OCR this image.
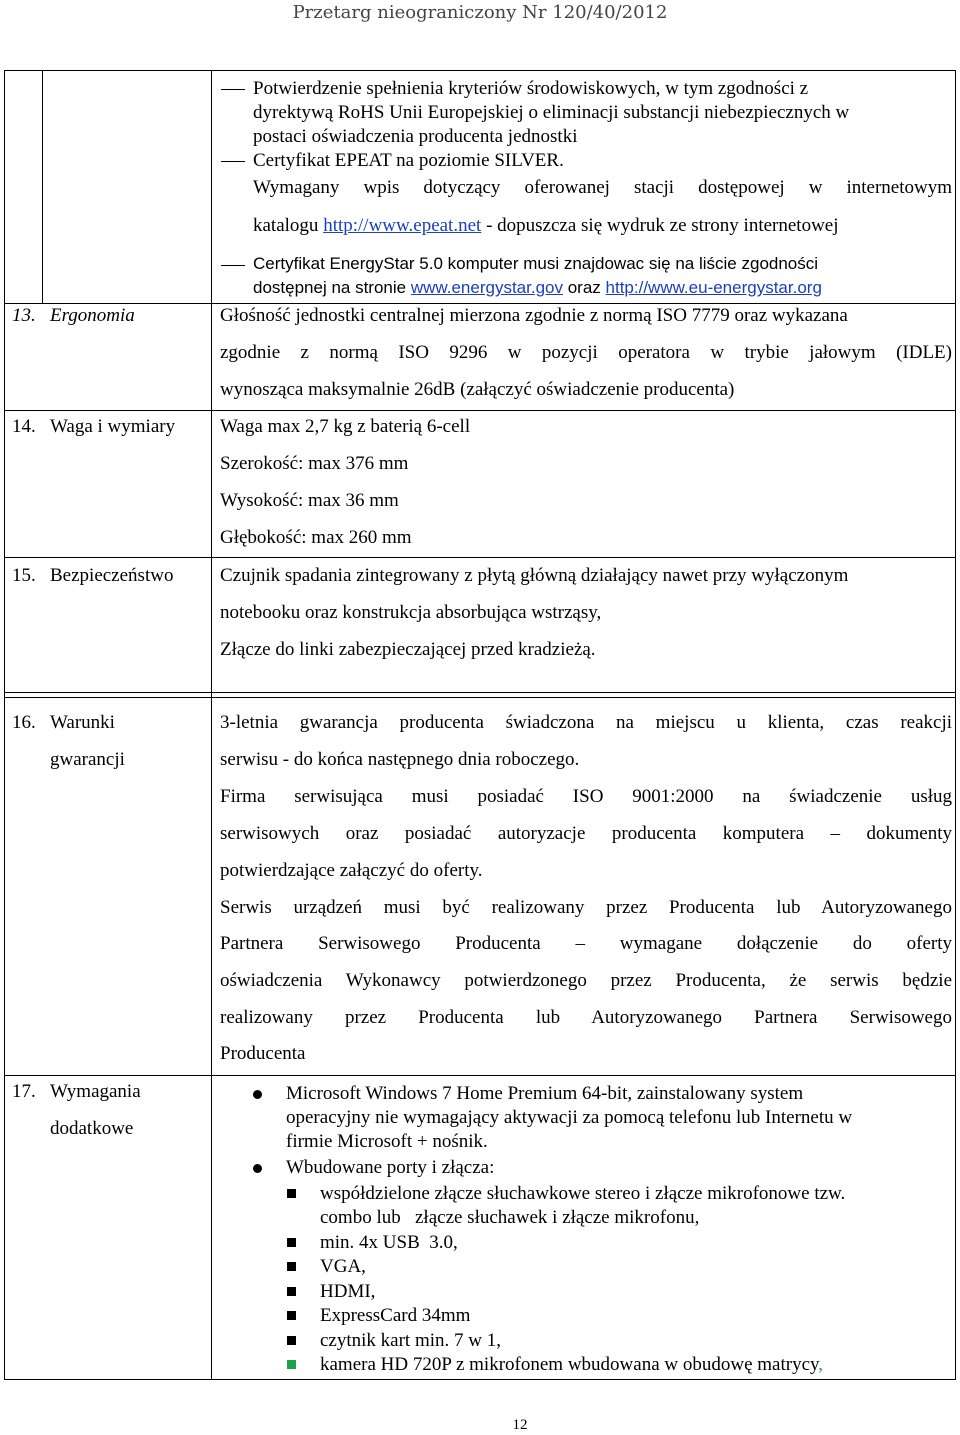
Przetarg nieograniczony Nr 120/40/2012
12
Potwierdzenie spełnienia kryteriów środowiskowych, w tym zgodności z
dyrektywą RoHS Unii Europejskiej o eliminacji substancji niebezpiecznych w
postaci oświadczenia producenta jednostki
Certyfikat EPEAT na poziomie SILVER.
Wymagany wpis dotyczący oferowanej stacji dostępowej w internetowym
katalogu http://www.epeat.net - dopuszcza się wydruk ze strony internetowej
Certyfikat EnergyStar 5.0 komputer musi znajdowac się na liście zgodności
dostępnej na stronie www.energystar.gov oraz http://www.eu-energystar.org
13. Ergonomia	Głośność jednostki centralnej mierzona zgodnie z normą ISO 7779 oraz wykazana
zgodnie z normą ISO 9296 w pozycji operatora w trybie jałowym (IDLE)
wynosząca maksymalnie 26dB (załączyć oświadczenie producenta)
14. Waga i wymiary Waga max 2,7 kg z baterią 6-cell
Szerokość: max 376 mm
Wysokość: max 36 mm
Głębokość: max 260 mm
15. Bezpieczeństwo Czujnik spadania zintegrowany z płytą główną działający nawet przy wyłączonym
notebooku oraz konstrukcja absorbująca wstrząsy,
Złącze do linki zabezpieczającej przed kradzieżą.
16. Warunki
gwarancji
3-letnia gwarancja producenta świadczona na miejscu u klienta, czas reakcji
serwisu - do końca następnego dnia roboczego.
Firma serwisująca musi posiadać ISO 9001:2000 na świadczenie usług
serwisowych oraz posiadać autoryzacje producenta komputera – dokumenty
potwierdzające załączyć do oferty.
Serwis urządzeń musi być realizowany przez Producenta lub Autoryzowanego
Partnera Serwisowego Producenta – wymagane dołączenie do oferty
oświadczenia Wykonawcy potwierdzonego przez Producenta, że serwis będzie
realizowany przez Producenta lub Autoryzowanego Partnera Serwisowego
Producenta
17. Wymagania
dodatkowe
Microsoft Windows 7 Home Premium 64-bit, zainstalowany system
operacyjny nie wymagający aktywacji za pomocą telefonu lub Internetu w
firmie Microsoft + nośnik.
Wbudowane porty i złącza:
współdzielone złącze słuchawkowe stereo i złącze mikrofonowe tzw.
combo lub   złącze słuchawek i złącze mikrofonu,
min. 4x USB  3.0,
VGA,
HDMI,
ExpressCard 34mm
czytnik kart min. 7 w 1,
kamera HD 720P z mikrofonem wbudowana w obudowę matrycy,
